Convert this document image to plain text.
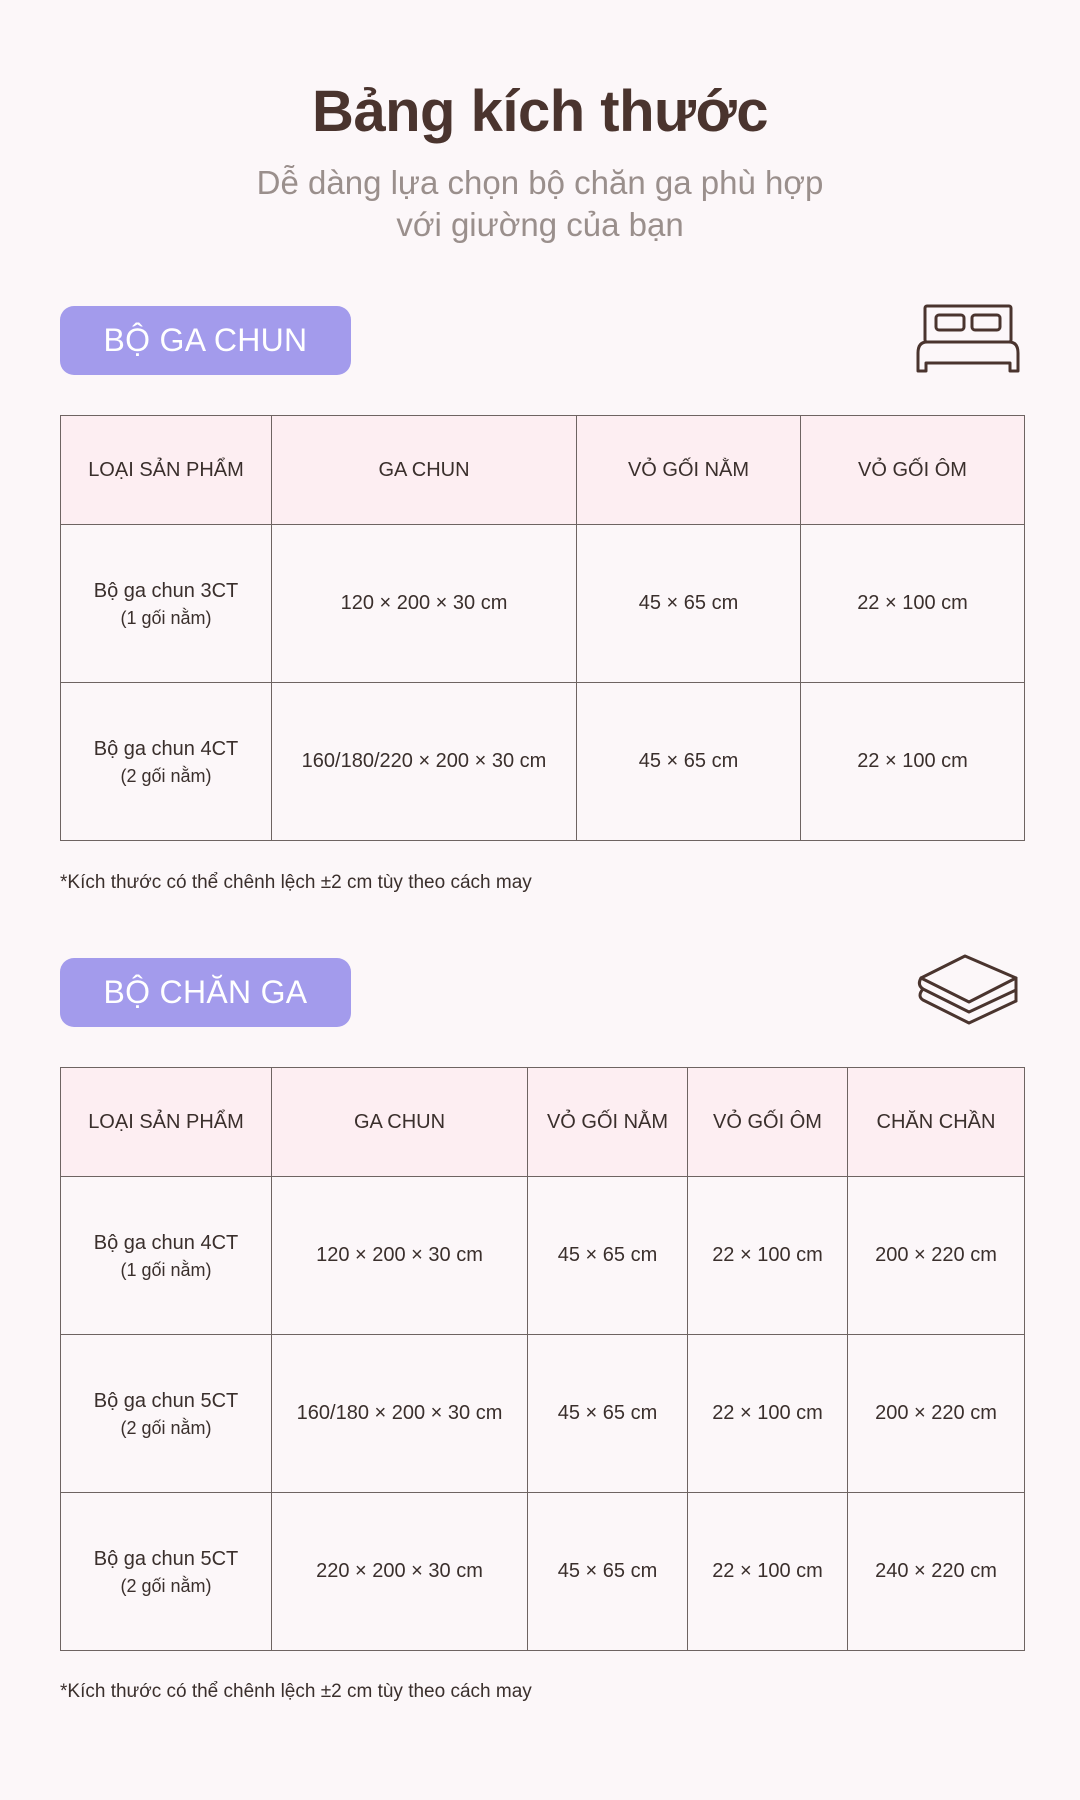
Bảng kích thước
Dễ dàng lựa chọn bộ chăn ga phù hợp
với giường của bạn
BỘ GA CHUN
LOẠI SẢN PHẨM	GA CHUN	VỎ GỐI NẰM	VỎ GỐI ÔM

Bộ ga chun 3CT
(1 gối nằm)	120 × 200 × 30 cm	45 × 65 cm	22 × 100 cm

Bộ ga chun 4CT
(2 gối nằm)	160/180/220 × 200 × 30 cm	45 × 65 cm	22 × 100 cm
*Kích thước có thể chênh lệch ±2 cm tùy theo cách may
BỘ CHĂN GA
LOẠI SẢN PHẨM	GA CHUN	VỎ GỐI NẰM	VỎ GỐI ÔM	CHĂN CHẦN

Bộ ga chun 4CT
(1 gối nằm)	120 × 200 × 30 cm	45 × 65 cm	22 × 100 cm	200 × 220 cm

Bộ ga chun 5CT
(2 gối nằm)	160/180 × 200 × 30 cm	45 × 65 cm	22 × 100 cm	200 × 220 cm

Bộ ga chun 5CT
(2 gối nằm)	220 × 200 × 30 cm	45 × 65 cm	22 × 100 cm	240 × 220 cm
*Kích thước có thể chênh lệch ±2 cm tùy theo cách may
